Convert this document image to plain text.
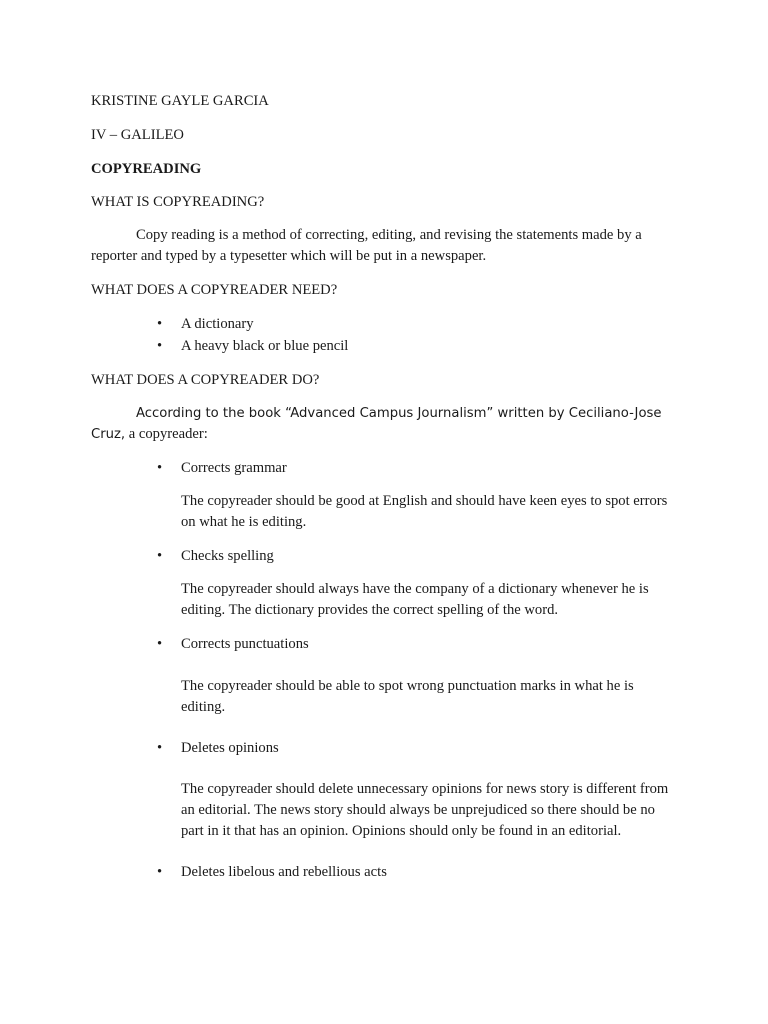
KRISTINE GAYLE GARCIA
IV – GALILEO
COPYREADING
WHAT IS COPYREADING?
Copy reading is a method of correcting, editing, and revising the statements made by a reporter and typed by a typesetter which will be put in a newspaper.
WHAT DOES A COPYREADER NEED?
• A dictionary
• A heavy black or blue pencil
WHAT DOES A COPYREADER DO?
According to the book “Advanced Campus Journalism” written by Ceciliano-Jose Cruz, a copyreader:
• Corrects grammar
The copyreader should be good at English and should have keen eyes to spot errors on what he is editing.
• Checks spelling
The copyreader should always have the company of a dictionary whenever he is editing. The dictionary provides the correct spelling of the word.
• Corrects punctuations
The copyreader should be able to spot wrong punctuation marks in what he is editing.
• Deletes opinions
The copyreader should delete unnecessary opinions for news story is different from an editorial. The news story should always be unprejudiced so there should be no part in it that has an opinion. Opinions should only be found in an editorial.
• Deletes libelous and rebellious acts
